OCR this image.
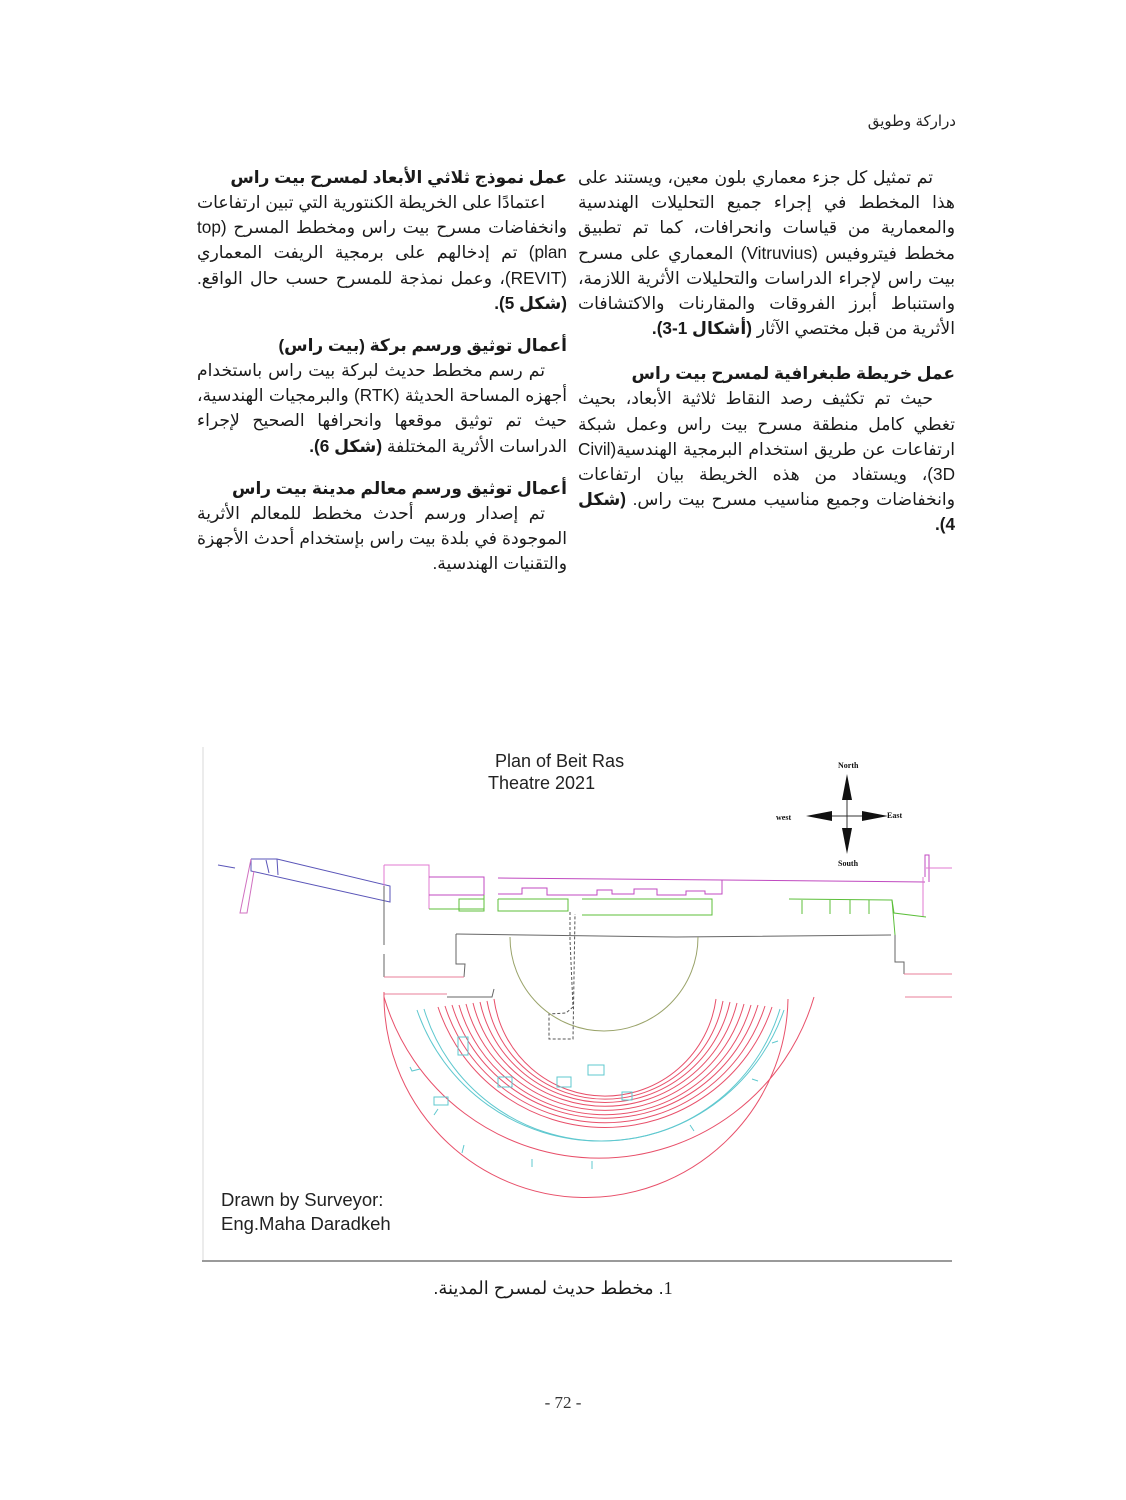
دراركة وطويق

تم تمثيل كل جزء معماري بلون معين، ويستند على هذا المخطط في إجراء جميع التحليلات الهندسية والمعمارية من قياسات وانحرافات، كما تم تطبيق مخطط فيتروفيس (Vitruvius) المعماري على مسرح بيت راس لإجراء الدراسات والتحليلات الأثرية اللازمة، واستنباط أبرز الفروقات والمقارنات والاكتشافات الأثرية من قبل مختصي الآثار (أشكال 1-3).

عمل خريطة طبغرافية لمسرح بيت راس

حيث تم تكثيف رصد النقاط ثلاثية الأبعاد، بحيث تغطي كامل منطقة مسرح بيت راس وعمل شبكة ارتفاعات عن طريق استخدام البرمجية الهندسية(Civil 3D)، ويستفاد من هذه الخريطة بيان ارتفاعات وانخفاضات وجميع مناسيب مسرح بيت راس. (شكل 4).

عمل نموذج ثلاثي الأبعاد لمسرح بيت راس

اعتمادًا على الخريطة الكنتورية التي تبين ارتفاعات وانخفاضات مسرح بيت راس ومخطط المسرح (top plan) تم إدخالهم على برمجية الريفت المعماري (REVIT)، وعمل نمذجة للمسرح حسب حال الواقع. (شكل 5).

أعمال توثيق ورسم بركة (بيت راس)

تم رسم مخطط حديث لبركة بيت راس باستخدام أجهزه المساحة الحديثة (RTK) والبرمجيات الهندسية، حيث تم توثيق موقعها وانحرافها الصحيح لإجراء الدراسات الأثرية المختلفة (شكل 6).

أعمال توثيق ورسم معالم مدينة بيت راس

تم إصدار ورسم أحدث مخطط للمعالم الأثرية الموجودة في بلدة بيت راس بإستخدام أحدث الأجهزة والتقنيات الهندسية.

Plan of Beit Ras
Theatre 2021
North
South
East
west
Drawn by Surveyor:
Eng.Maha Daradkeh
1. مخطط حديث لمسرح المدينة.
- 72 -
